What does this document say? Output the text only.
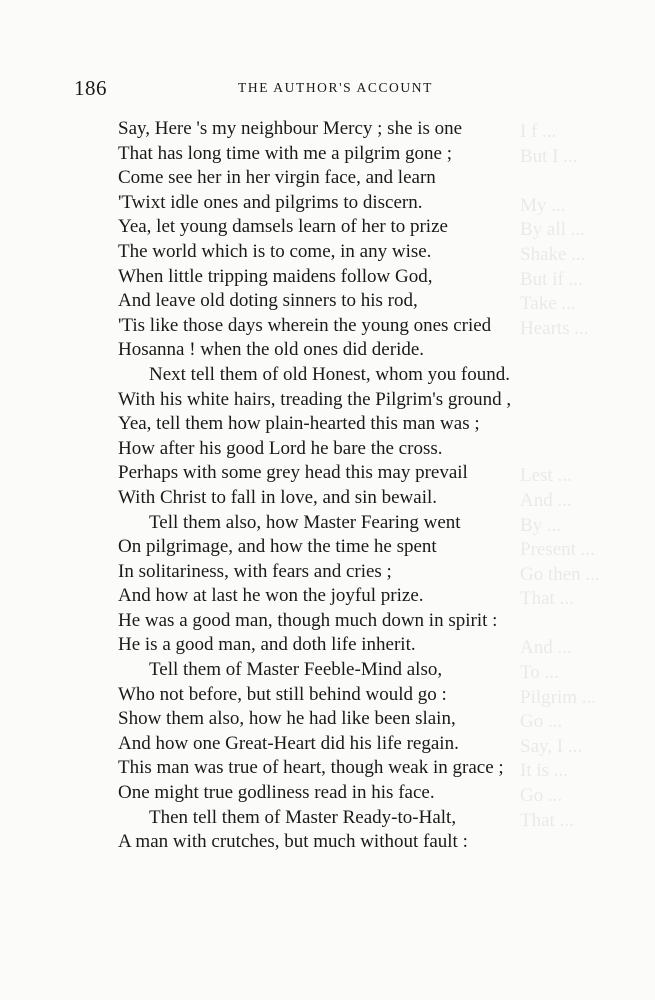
I f ...
But I ...

My ...
By all ...
Shake ...
But if ...
Take ...
Hearts ...

Lest ...
And ...
By ...
Present ...
Go then ...
That ...

And ...
To ...
Pilgrim ...
Go ...
Say, I ...
It is ...
Go ...
That ...
186	THE AUTHOR'S ACCOUNT
Say, Here 's my neighbour Mercy ; she is one
That has long time with me a pilgrim gone ;
Come see her in her virgin face, and learn
'Twixt idle ones and pilgrims to discern.
Yea, let young damsels learn of her to prize
The world which is to come, in any wise.
When little tripping maidens follow God,
And leave old doting sinners to his rod,
'Tis like those days wherein the young ones cried
Hosanna ! when the old ones did deride.
Next tell them of old Honest, whom you found.
With his white hairs, treading the Pilgrim's ground ,
Yea, tell them how plain-hearted this man was ;
How after his good Lord he bare the cross.
Perhaps with some grey head this may prevail
With Christ to fall in love, and sin bewail.
Tell them also, how Master Fearing went
On pilgrimage, and how the time he spent
In solitariness, with fears and cries ;
And how at last he won the joyful prize.
He was a good man, though much down in spirit :
He is a good man, and doth life inherit.
Tell them of Master Feeble-Mind also,
Who not before, but still behind would go :
Show them also, how he had like been slain,
And how one Great-Heart did his life regain.
This man was true of heart, though weak in grace ;
One might true godliness read in his face.
Then tell them of Master Ready-to-Halt,
A man with crutches, but much without fault :
